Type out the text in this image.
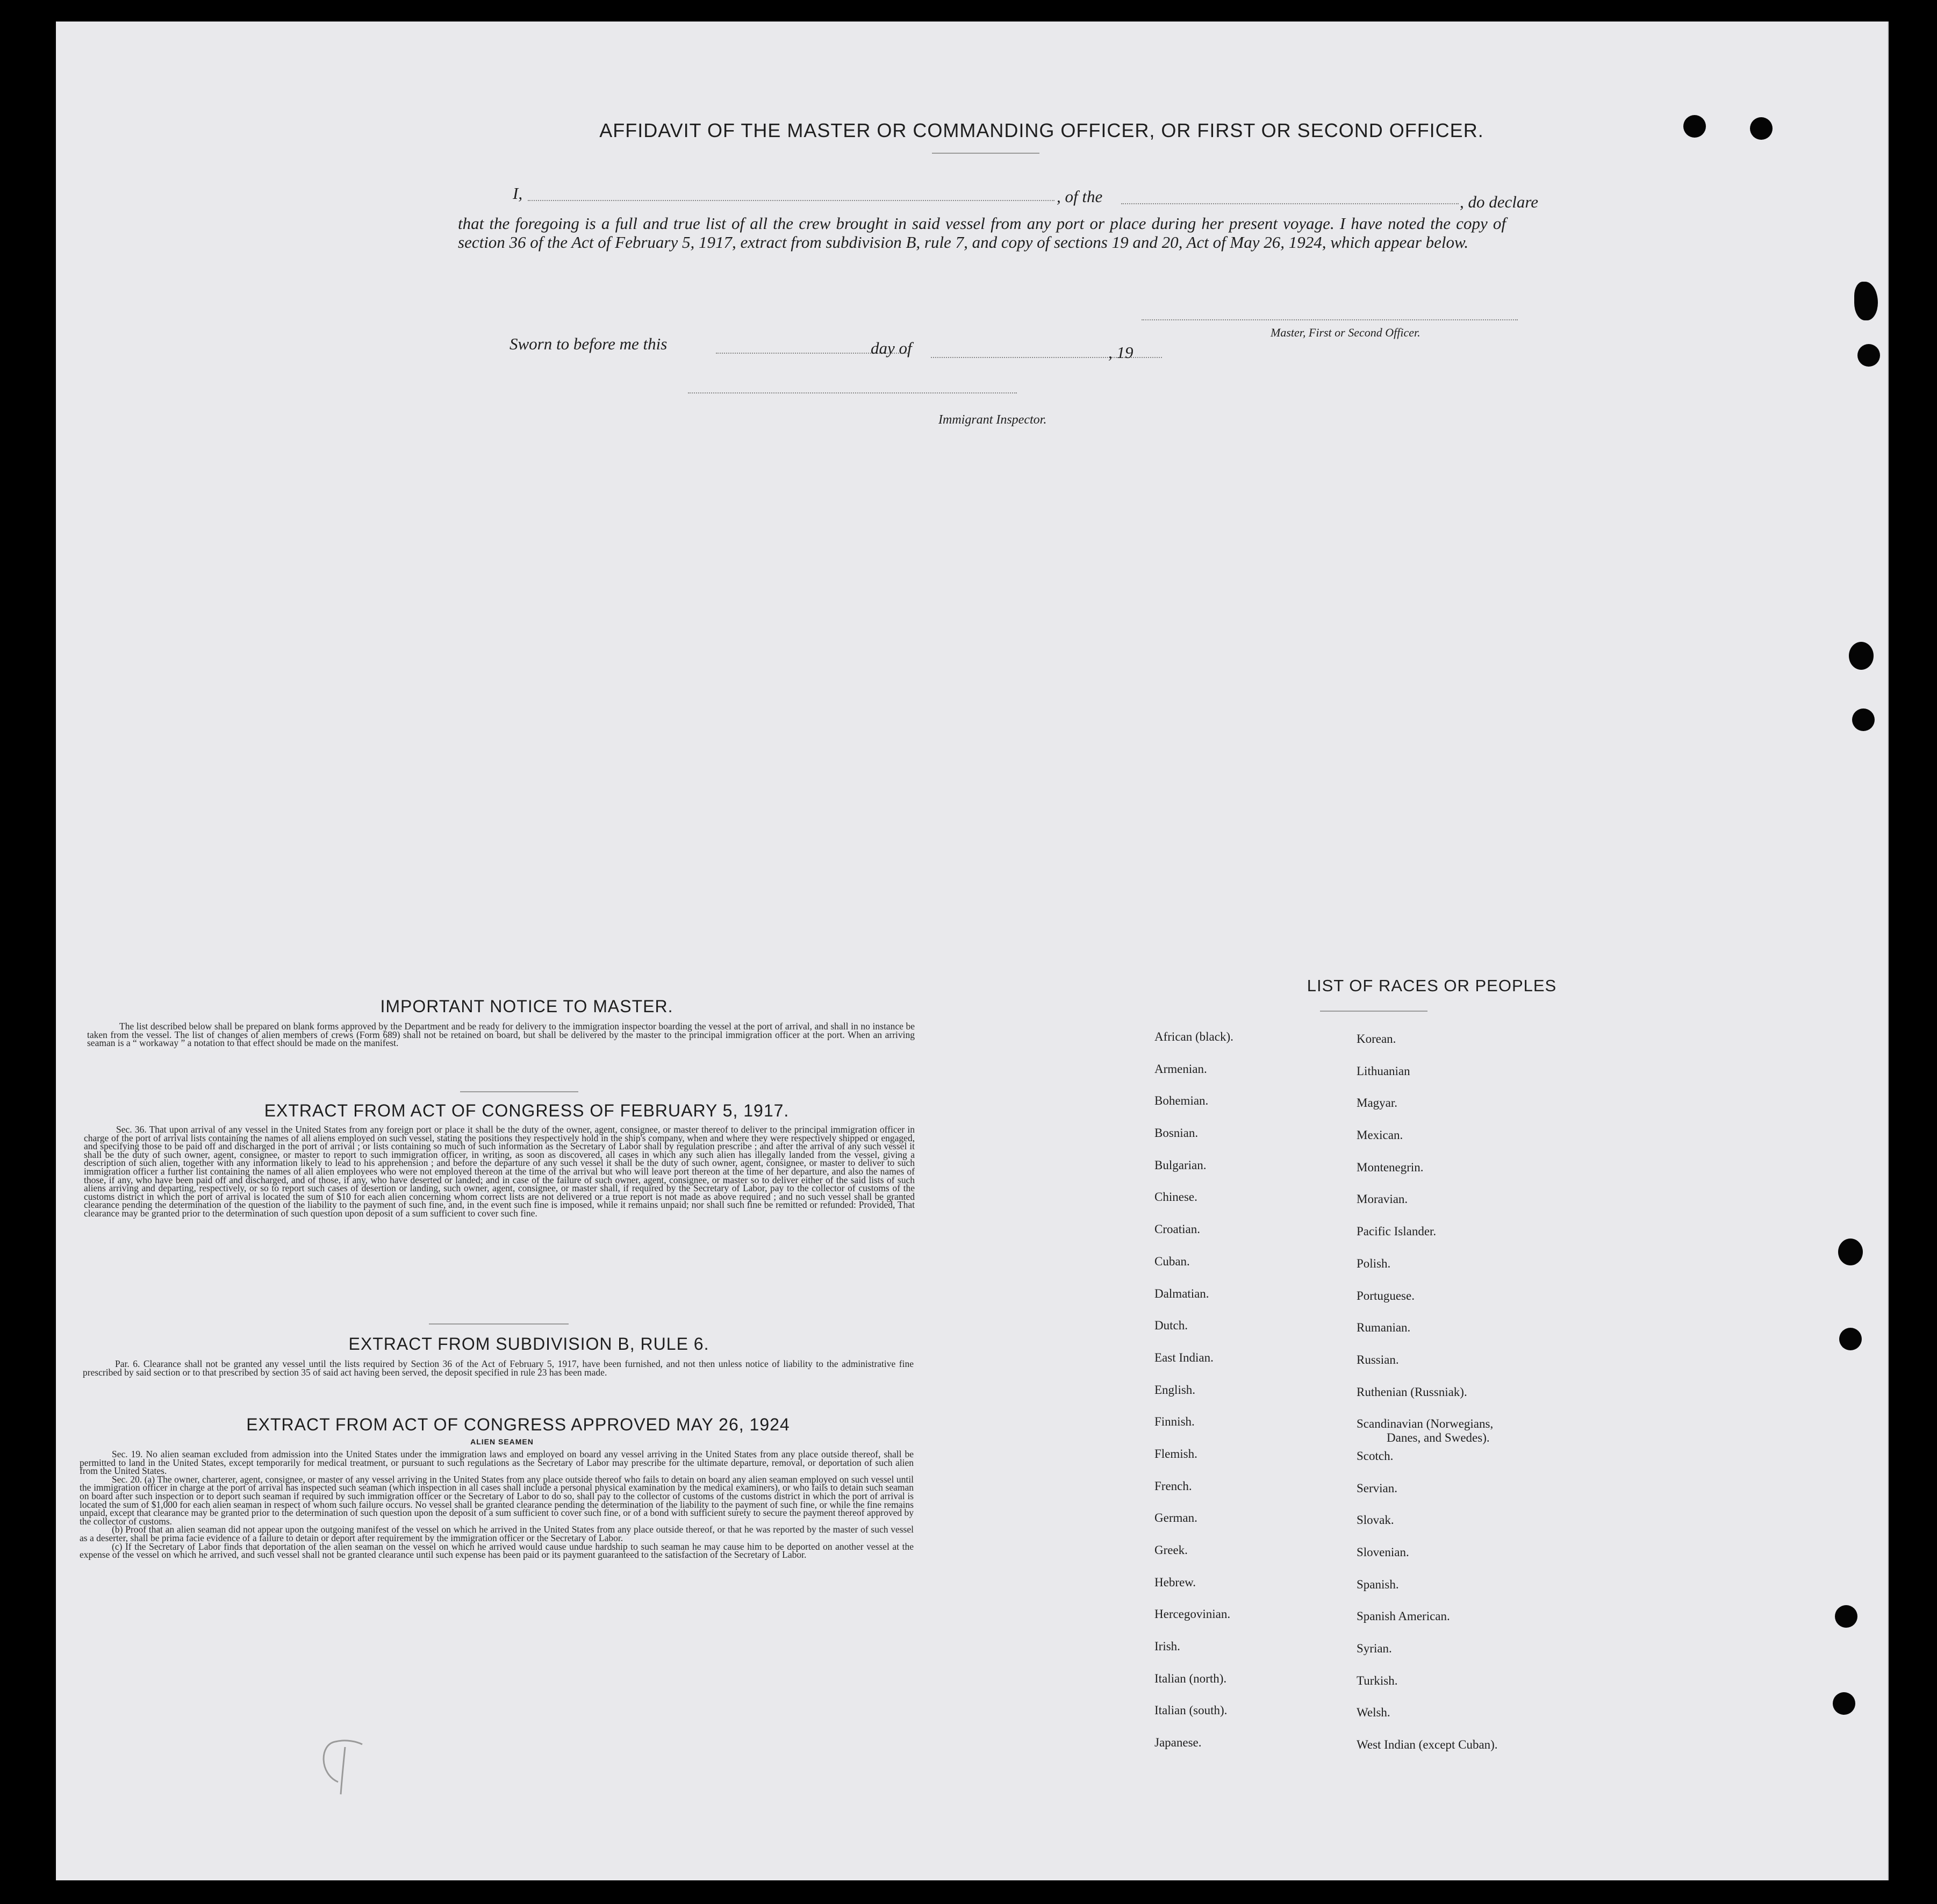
AFFIDAVIT OF THE MASTER OR COMMANDING OFFICER, OR FIRST OR SECOND OFFICER.
I,	, of the	, do declare
that the foregoing is a full and true list of all the crew brought in said vessel from any port or place during her present voyage. I have noted the copy of section 36 of the Act of February 5, 1917, extract from subdivision B, rule 7, and copy of sections 19 and 20, Act of May 26, 1924, which appear below.
Master, First or Second Officer.
Sworn to before me this	day of	, 19
Immigrant Inspector.
IMPORTANT NOTICE TO MASTER.

The list described below shall be prepared on blank forms approved by the Department and be ready for delivery to the immigration inspector boarding the vessel at the port of arrival, and shall in no instance be taken from the vessel. The list of changes of alien members of crews (Form 689) shall not be retained on board, but shall be delivered by the master to the principal immigration officer at the port. When an arriving seaman is a “ workaway ” a notation to that effect should be made on the manifest.

EXTRACT FROM ACT OF CONGRESS OF FEBRUARY 5, 1917.

Sec. 36. That upon arrival of any vessel in the United States from any foreign port or place it shall be the duty of the owner, agent, consignee, or master thereof to deliver to the principal immigration officer in charge of the port of arrival lists containing the names of all aliens employed on such vessel, stating the positions they respectively hold in the ship's company, when and where they were respectively shipped or engaged, and specifying those to be paid off and discharged in the port of arrival ; or lists containing so much of such information as the Secretary of Labor shall by regulation prescribe ; and after the arrival of any such vessel it shall be the duty of such owner, agent, consignee, or master to report to such immigration officer, in writing, as soon as discovered, all cases in which any such alien has illegally landed from the vessel, giving a description of such alien, together with any information likely to lead to his apprehension ; and before the departure of any such vessel it shall be the duty of such owner, agent, consignee, or master to deliver to such immigration officer a further list containing the names of all alien employees who were not employed thereon at the time of the arrival but who will leave port thereon at the time of her departure, and also the names of those, if any, who have been paid off and discharged, and of those, if any, who have deserted or landed; and in case of the failure of such owner, agent, consignee, or master so to deliver either of the said lists of such aliens arriving and departing, respectively, or so to report such cases of desertion or landing, such owner, agent, consignee, or master shall, if required by the Secretary of Labor, pay to the collector of customs of the customs district in which the port of arrival is located the sum of $10 for each alien concerning whom correct lists are not delivered or a true report is not made as above required ; and no such vessel shall be granted clearance pending the determination of the question of the liability to the payment of such fine, and, in the event such fine is imposed, while it remains unpaid; nor shall such fine be remitted or refunded: Provided, That clearance may be granted prior to the determination of such question upon deposit of a sum sufficient to cover such fine.

EXTRACT FROM SUBDIVISION B, RULE 6.

Par. 6. Clearance shall not be granted any vessel until the lists required by Section 36 of the Act of February 5, 1917, have been furnished, and not then unless notice of liability to the administrative fine prescribed by said section or to that prescribed by section 35 of said act having been served, the deposit specified in rule 23 has been made.

EXTRACT FROM ACT OF CONGRESS APPROVED MAY 26, 1924
ALIEN SEAMEN

Sec. 19. No alien seaman excluded from admission into the United States under the immigration laws and employed on board any vessel arriving in the United States from any place outside thereof, shall be permitted to land in the United States, except temporarily for medical treatment, or pursuant to such regulations as the Secretary of Labor may prescribe for the ultimate departure, removal, or deportation of such alien from the United States.

Sec. 20. (a) The owner, charterer, agent, consignee, or master of any vessel arriving in the United States from any place outside thereof who fails to detain on board any alien seaman employed on such vessel until the immigration officer in charge at the port of arrival has inspected such seaman (which inspection in all cases shall include a personal physical examination by the medical examiners), or who fails to detain such seaman on board after such inspection or to deport such seaman if required by such immigration officer or the Secretary of Labor to do so, shall pay to the collector of customs of the customs district in which the port of arrival is located the sum of $1,000 for each alien seaman in respect of whom such failure occurs. No vessel shall be granted clearance pending the determination of the liability to the payment of such fine, or while the fine remains unpaid, except that clearance may be granted prior to the determination of such question upon the deposit of a sum sufficient to cover such fine, or of a bond with sufficient surety to secure the payment thereof approved by the collector of customs.

(b) Proof that an alien seaman did not appear upon the outgoing manifest of the vessel on which he arrived in the United States from any place outside thereof, or that he was reported by the master of such vessel as a deserter, shall be prima facie evidence of a failure to detain or deport after requirement by the immigration officer or the Secretary of Labor.

(c) If the Secretary of Labor finds that deportation of the alien seaman on the vessel on which he arrived would cause undue hardship to such seaman he may cause him to be deported on another vessel at the expense of the vessel on which he arrived, and such vessel shall not be granted clearance until such expense has been paid or its payment guaranteed to the satisfaction of the Secretary of Labor.

LIST OF RACES OR PEOPLES
African (black).
Armenian.
Bohemian.
Bosnian.
Bulgarian.
Chinese.
Croatian.
Cuban.
Dalmatian.
Dutch.
East Indian.
English.
Finnish.
Flemish.
French.
German.
Greek.
Hebrew.
Hercegovinian.
Irish.
Italian (north).
Italian (south).
Japanese.
Korean.
Lithuanian
Magyar.
Mexican.
Montenegrin.
Moravian.
Pacific Islander.
Polish.
Portuguese.
Rumanian.
Russian.
Ruthenian (Russniak).
Scandinavian (Norwegians,
Danes, and Swedes).
Scotch.
Servian.
Slovak.
Slovenian.
Spanish.
Spanish American.
Syrian.
Turkish.
Welsh.
West Indian (except Cuban).
